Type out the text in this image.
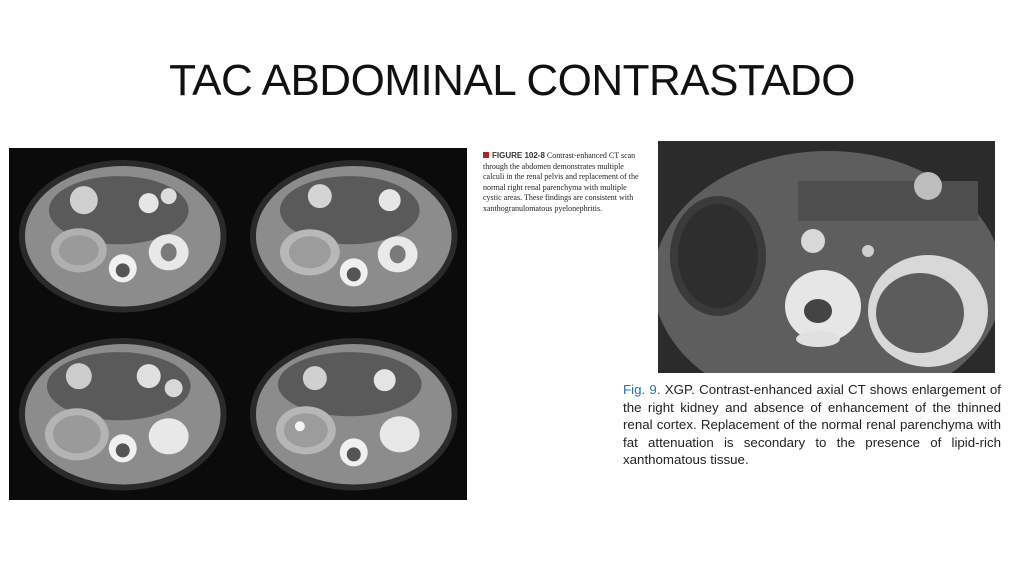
TAC ABDOMINAL CONTRASTADO
FIGURE 102-8 Contrast-enhanced CT scan through the abdomen demonstrates multiple calculi in the renal pelvis and replacement of the normal right renal parenchyma with multiple cystic areas. These findings are consistent with xanthogranulomatous pyelonephritis.
Fig. 9. XGP. Contrast-enhanced axial CT shows enlargement of the right kidney and absence of enhancement of the thinned renal cortex. Replacement of the normal renal parenchyma with fat attenuation is secondary to the presence of lipid-rich xanthomatous tissue.
